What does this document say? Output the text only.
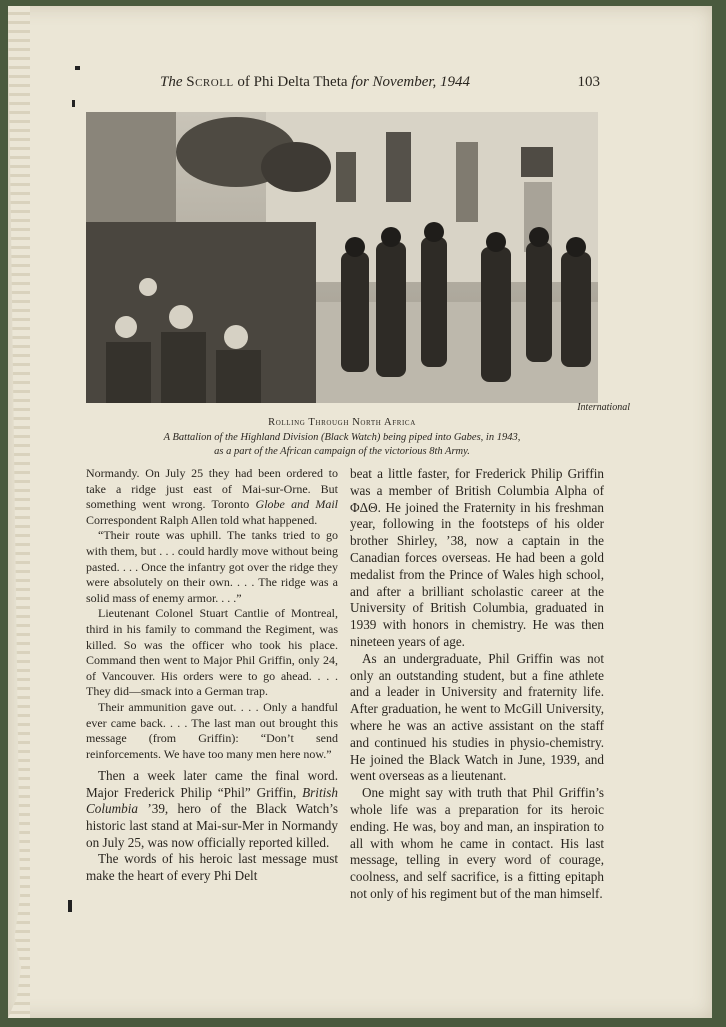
The Scroll of Phi Delta Theta for November, 1944	103
International
Rolling Through North Africa
A Battalion of the Highland Division (Black Watch) being piped into Gabes, in 1943,
as a part of the African campaign of the victorious 8th Army.

Normandy. On July 25 they had been ordered to take a ridge just east of Mai-sur-Orne. But something went wrong. Toronto Globe and Mail Correspondent Ralph Allen told what happened.

“Their route was uphill. The tanks tried to go with them, but . . . could hardly move without being pasted. . . . Once the infantry got over the ridge they were absolutely on their own. . . . The ridge was a solid mass of enemy armor. . . .”

Lieutenant Colonel Stuart Cantlie of Montreal, third in his family to command the Regiment, was killed. So was the officer who took his place. Command then went to Major Phil Griffin, only 24, of Vancouver. His orders were to go ahead. . . . They did—smack into a German trap.

Their ammunition gave out. . . . Only a handful ever came back. . . . The last man out brought this message (from Griffin): “Don’t send reinforcements. We have too many men here now.”

Then a week later came the final word. Major Frederick Philip “Phil” Griffin, British Columbia ’39, hero of the Black Watch’s historic last stand at Mai-sur-Mer in Normandy on July 25, was now officially reported killed.

The words of his heroic last message must make the heart of every Phi Delt

beat a little faster, for Frederick Philip Griffin was a member of British Columbia Alpha of ΦΔΘ. He joined the Fraternity in his freshman year, following in the footsteps of his older brother Shirley, ’38, now a captain in the Canadian forces overseas. He had been a gold medalist from the Prince of Wales high school, and after a brilliant scholastic career at the University of British Columbia, graduated in 1939 with honors in chemistry. He was then nineteen years of age.

As an undergraduate, Phil Griffin was not only an outstanding student, but a fine athlete and a leader in University and fraternity life. After graduation, he went to McGill University, where he was an active assistant on the staff and continued his studies in physio-chemistry. He joined the Black Watch in June, 1939, and went overseas as a lieutenant.

One might say with truth that Phil Griffin’s whole life was a preparation for its heroic ending. He was, boy and man, an inspiration to all with whom he came in contact. His last message, telling in every word of courage, coolness, and self sacrifice, is a fitting epitaph not only of his regiment but of the man himself.
